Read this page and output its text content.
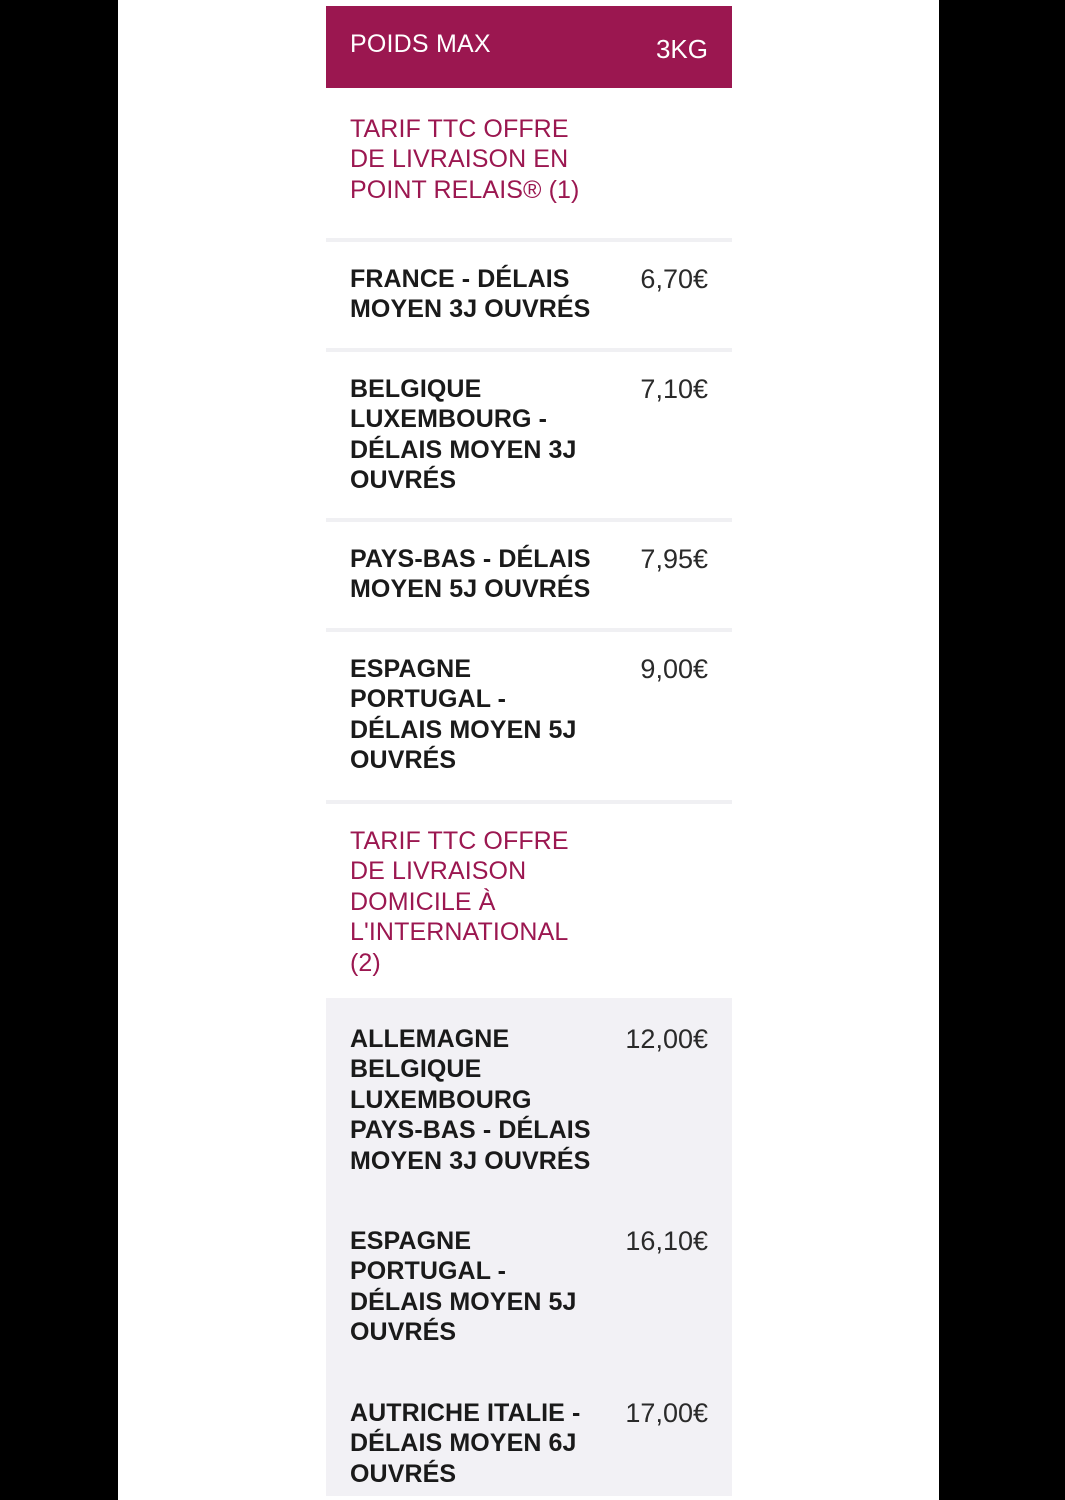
POIDS MAX	3KG
TARIF TTC OFFRE DE LIVRAISON EN POINT RELAIS® (1)
FRANCE - DÉLAIS MOYEN 3J OUVRÉS
6,70€
BELGIQUE LUXEMBOURG - DÉLAIS MOYEN 3J OUVRÉS
7,10€
PAYS-BAS - DÉLAIS MOYEN 5J OUVRÉS
7,95€
ESPAGNE PORTUGAL - DÉLAIS MOYEN 5J OUVRÉS
9,00€
TARIF TTC OFFRE DE LIVRAISON DOMICILE À L'INTERNATIONAL (2)
ALLEMAGNE BELGIQUE LUXEMBOURG PAYS-BAS - DÉLAIS MOYEN 3J OUVRÉS
12,00€
ESPAGNE PORTUGAL - DÉLAIS MOYEN 5J OUVRÉS
16,10€
AUTRICHE ITALIE - DÉLAIS MOYEN 6J OUVRÉS
17,00€
